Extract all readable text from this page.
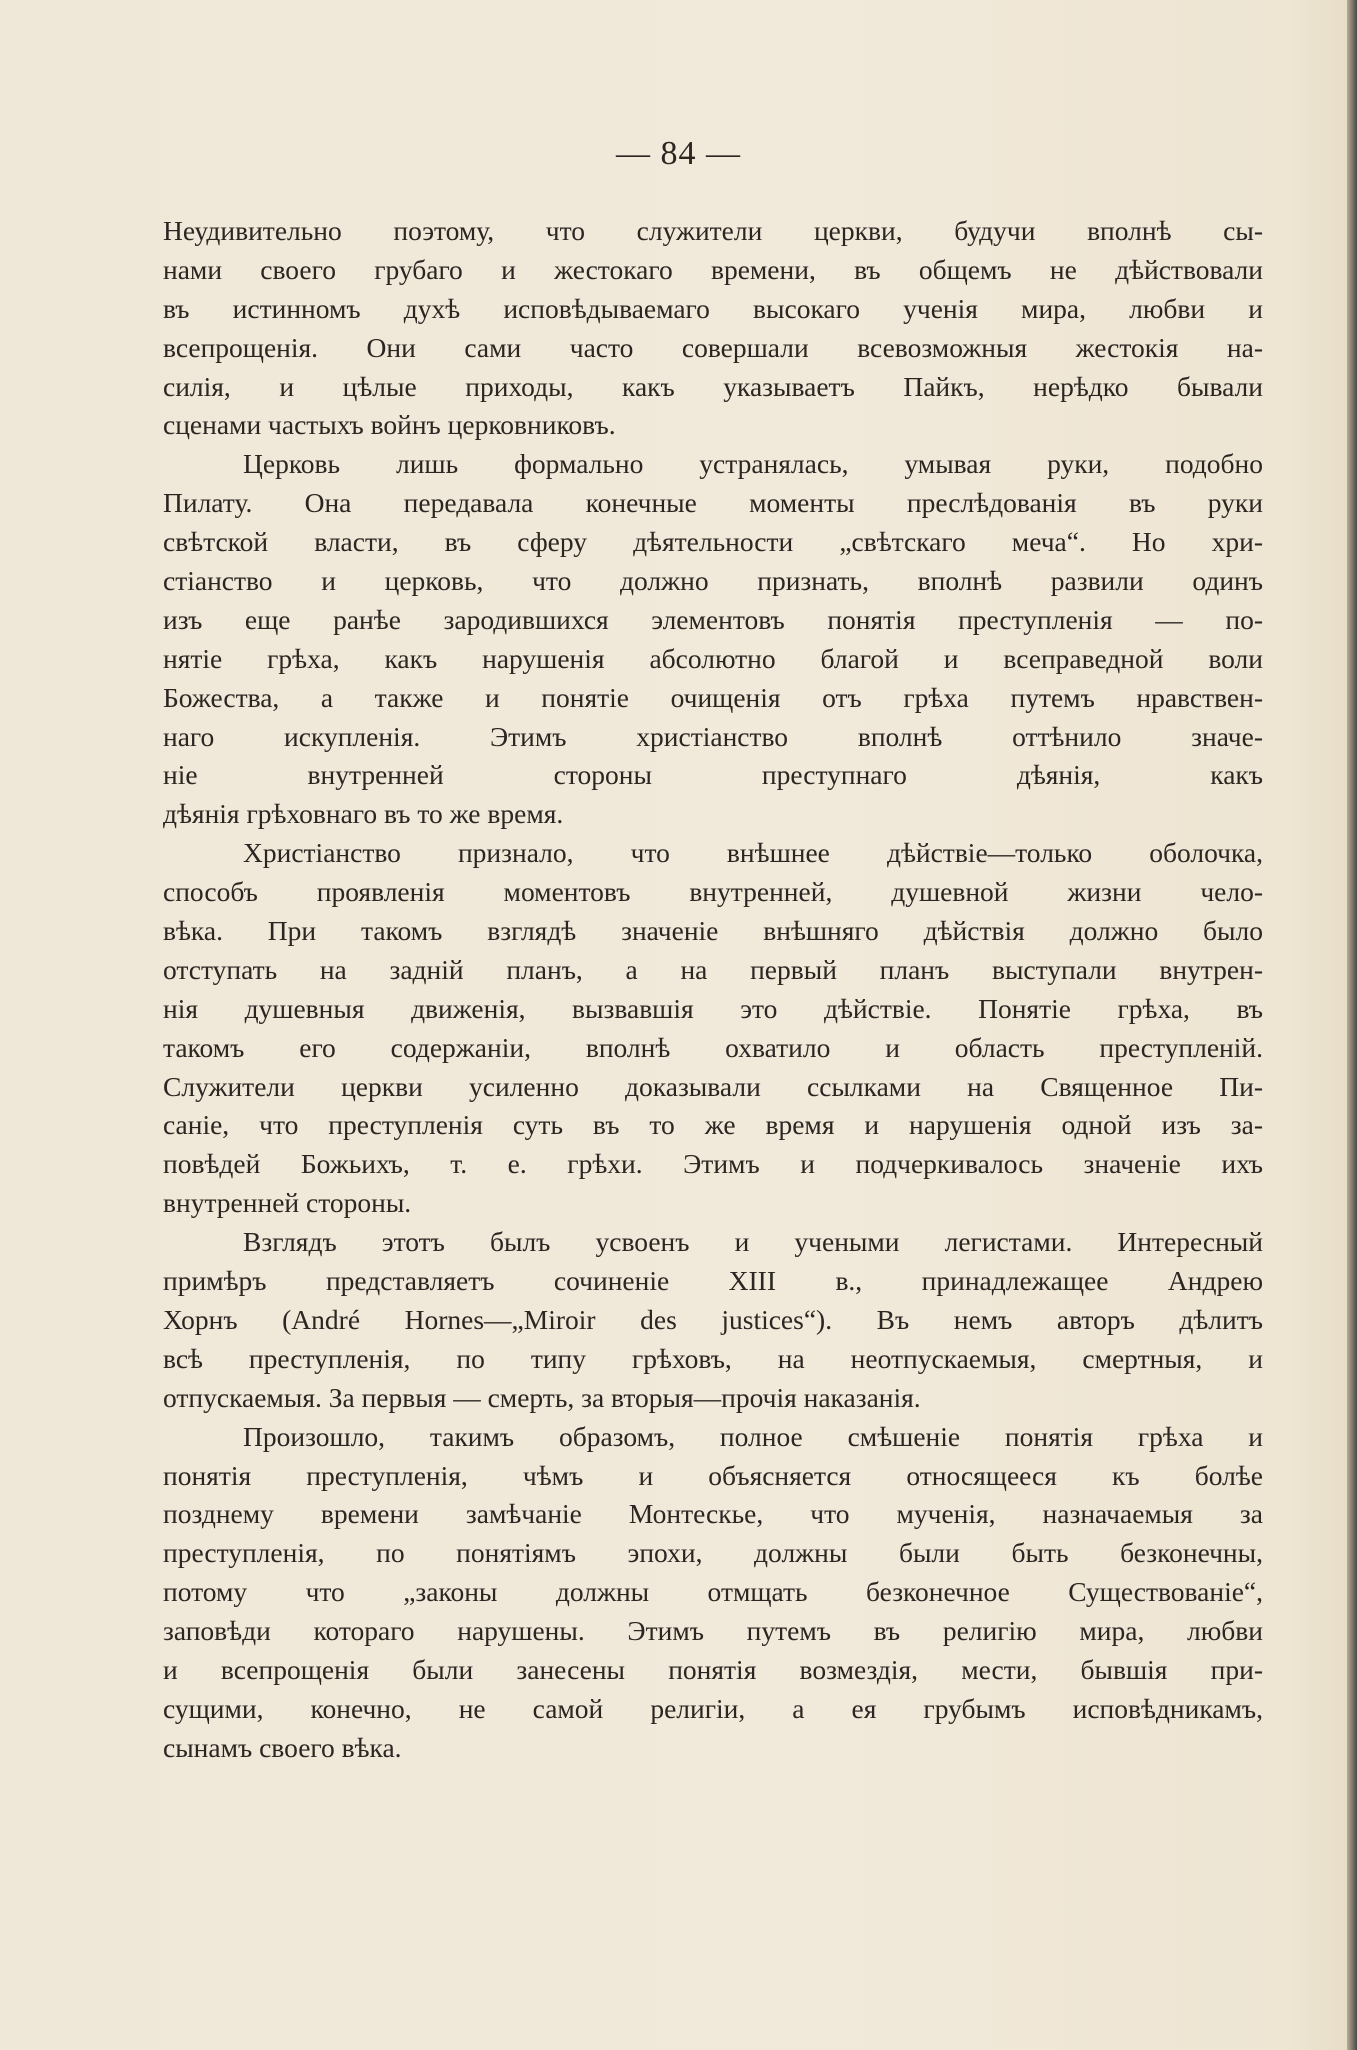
— 84 —
Неудивительно поэтому, что служители церкви, будучи вполнѣ сы-
нами своего грубаго и жестокаго времени, въ общемъ не дѣйствовали
въ истинномъ духѣ исповѣдываемаго высокаго ученія мира, любви и
всепрощенія. Они сами часто совершали всевозможныя жестокія на-
силія, и цѣлые приходы, какъ указываетъ Пайкъ, нерѣдко бывали
сценами частыхъ войнъ церковниковъ.
Церковь лишь формально устранялась, умывая руки, подобно
Пилату. Она передавала конечные моменты преслѣдованія въ руки
свѣтской власти, въ сферу дѣятельности „свѣтскаго меча“. Но хри-
стіанство и церковь, что должно признать, вполнѣ развили одинъ
изъ еще ранѣе зародившихся элементовъ понятія преступленія — по-
нятіе грѣха, какъ нарушенія абсолютно благой и всеправедной воли
Божества, а также и понятіе очищенія отъ грѣха путемъ нравствен-
наго искупленія. Этимъ христіанство вполнѣ оттѣнило значе-
ніе внутренней стороны преступнаго дѣянія, какъ
дѣянія грѣховнаго въ то же время.
Христіанство признало, что внѣшнее дѣйствіе—только оболочка,
способъ проявленія моментовъ внутренней, душевной жизни чело-
вѣка. При такомъ взглядѣ значеніе внѣшняго дѣйствія должно было
отступать на задній планъ, а на первый планъ выступали внутрен-
нія душевныя движенія, вызвавшія это дѣйствіе. Понятіе грѣха, въ
такомъ его содержаніи, вполнѣ охватило и область преступленій.
Служители церкви усиленно доказывали ссылками на Священное Пи-
саніе, что преступленія суть въ то же время и нарушенія одной изъ за-
повѣдей Божьихъ, т. е. грѣхи. Этимъ и подчеркивалось значеніе ихъ
внутренней стороны.
Взглядъ этотъ былъ усвоенъ и учеными легистами. Интересный
примѣръ представляетъ сочиненіе XIII в., принадлежащее Андрею
Хорнъ (André Hornes—„Miroir des justices“). Въ немъ авторъ дѣлитъ
всѣ преступленія, по типу грѣховъ, на неотпускаемыя, смертныя, и
отпускаемыя. За первыя — смерть, за вторыя—прочія наказанія.
Произошло, такимъ образомъ, полное смѣшеніе понятія грѣха и
понятія преступленія, чѣмъ и объясняется относящееся къ болѣе
позднему времени замѣчаніе Монтескье, что мученія, назначаемыя за
преступленія, по понятіямъ эпохи, должны были быть безконечны,
потому что „законы должны отмщать безконечное Существованіе“,
заповѣди котораго нарушены. Этимъ путемъ въ религію мира, любви
и всепрощенія были занесены понятія возмездія, мести, бывшія при-
сущими, конечно, не самой религіи, а ея грубымъ исповѣдникамъ,
сынамъ своего вѣка.
